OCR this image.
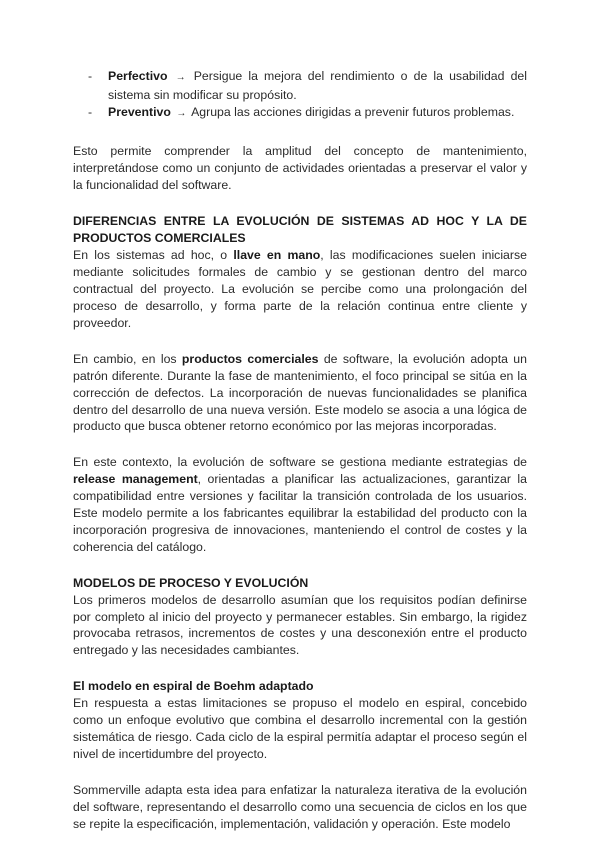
- Perfectivo → Persigue la mejora del rendimiento o de la usabilidad del sistema sin modificar su propósito.
- Preventivo → Agrupa las acciones dirigidas a prevenir futuros problemas.

Esto permite comprender la amplitud del concepto de mantenimiento, interpretándose como un conjunto de actividades orientadas a preservar el valor y la funcionalidad del software.

DIFERENCIAS ENTRE LA EVOLUCIÓN DE SISTEMAS AD HOC Y LA DE PRODUCTOS COMERCIALES

En los sistemas ad hoc, o llave en mano, las modificaciones suelen iniciarse mediante solicitudes formales de cambio y se gestionan dentro del marco contractual del proyecto. La evolución se percibe como una prolongación del proceso de desarrollo, y forma parte de la relación continua entre cliente y proveedor.

En cambio, en los productos comerciales de software, la evolución adopta un patrón diferente. Durante la fase de mantenimiento, el foco principal se sitúa en la corrección de defectos. La incorporación de nuevas funcionalidades se planifica dentro del desarrollo de una nueva versión. Este modelo se asocia a una lógica de producto que busca obtener retorno económico por las mejoras incorporadas.

En este contexto, la evolución de software se gestiona mediante estrategias de release management, orientadas a planificar las actualizaciones, garantizar la compatibilidad entre versiones y facilitar la transición controlada de los usuarios. Este modelo permite a los fabricantes equilibrar la estabilidad del producto con la incorporación progresiva de innovaciones, manteniendo el control de costes y la coherencia del catálogo.

MODELOS DE PROCESO Y EVOLUCIÓN

Los primeros modelos de desarrollo asumían que los requisitos podían definirse por completo al inicio del proyecto y permanecer estables. Sin embargo, la rigidez provocaba retrasos, incrementos de costes y una desconexión entre el producto entregado y las necesidades cambiantes.

El modelo en espiral de Boehm adaptado

En respuesta a estas limitaciones se propuso el modelo en espiral, concebido como un enfoque evolutivo que combina el desarrollo incremental con la gestión sistemática de riesgo. Cada ciclo de la espiral permitía adaptar el proceso según el nivel de incertidumbre del proyecto.

Sommerville adapta esta idea para enfatizar la naturaleza iterativa de la evolución del software, representando el desarrollo como una secuencia de ciclos en los que se repite la especificación, implementación, validación y operación. Este modelo
